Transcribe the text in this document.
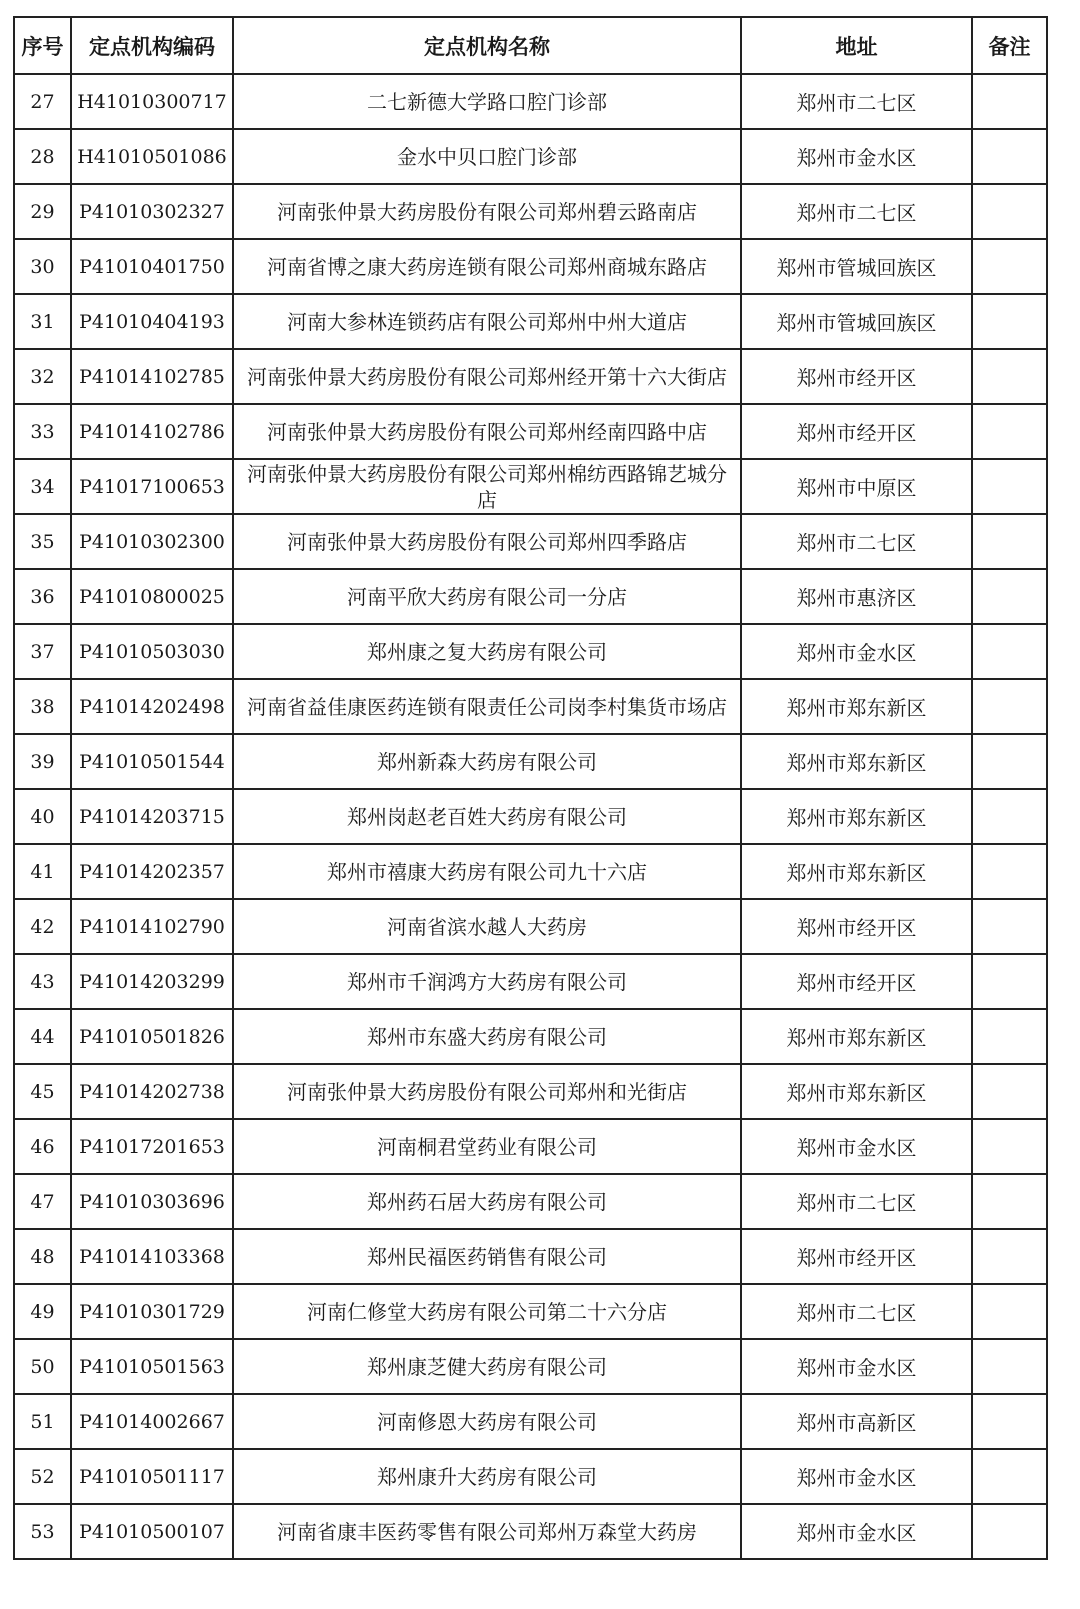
序号	定点机构编码	定点机构名称	地址	备注
27	H41010300717	二七新德大学路口腔门诊部	郑州市二七区	
28	H41010501086	金水中贝口腔门诊部	郑州市金水区	
29	P41010302327	河南张仲景大药房股份有限公司郑州碧云路南店	郑州市二七区	
30	P41010401750	河南省博之康大药房连锁有限公司郑州商城东路店	郑州市管城回族区	
31	P41010404193	河南大参林连锁药店有限公司郑州中州大道店	郑州市管城回族区	
32	P41014102785	河南张仲景大药房股份有限公司郑州经开第十六大街店	郑州市经开区	
33	P41014102786	河南张仲景大药房股份有限公司郑州经南四路中店	郑州市经开区	
34	P41017100653	河南张仲景大药房股份有限公司郑州棉纺西路锦艺城分店	郑州市中原区	
35	P41010302300	河南张仲景大药房股份有限公司郑州四季路店	郑州市二七区	
36	P41010800025	河南平欣大药房有限公司一分店	郑州市惠济区	
37	P41010503030	郑州康之复大药房有限公司	郑州市金水区	
38	P41014202498	河南省益佳康医药连锁有限责任公司岗李村集货市场店	郑州市郑东新区	
39	P41010501544	郑州新森大药房有限公司	郑州市郑东新区	
40	P41014203715	郑州岗赵老百姓大药房有限公司	郑州市郑东新区	
41	P41014202357	郑州市禧康大药房有限公司九十六店	郑州市郑东新区	
42	P41014102790	河南省滨水越人大药房	郑州市经开区	
43	P41014203299	郑州市千润鸿方大药房有限公司	郑州市经开区	
44	P41010501826	郑州市东盛大药房有限公司	郑州市郑东新区	
45	P41014202738	河南张仲景大药房股份有限公司郑州和光街店	郑州市郑东新区	
46	P41017201653	河南桐君堂药业有限公司	郑州市金水区	
47	P41010303696	郑州药石居大药房有限公司	郑州市二七区	
48	P41014103368	郑州民福医药销售有限公司	郑州市经开区	
49	P41010301729	河南仁修堂大药房有限公司第二十六分店	郑州市二七区	
50	P41010501563	郑州康芝健大药房有限公司	郑州市金水区	
51	P41014002667	河南修恩大药房有限公司	郑州市高新区	
52	P41010501117	郑州康升大药房有限公司	郑州市金水区	
53	P41010500107	河南省康丰医药零售有限公司郑州万森堂大药房	郑州市金水区	
